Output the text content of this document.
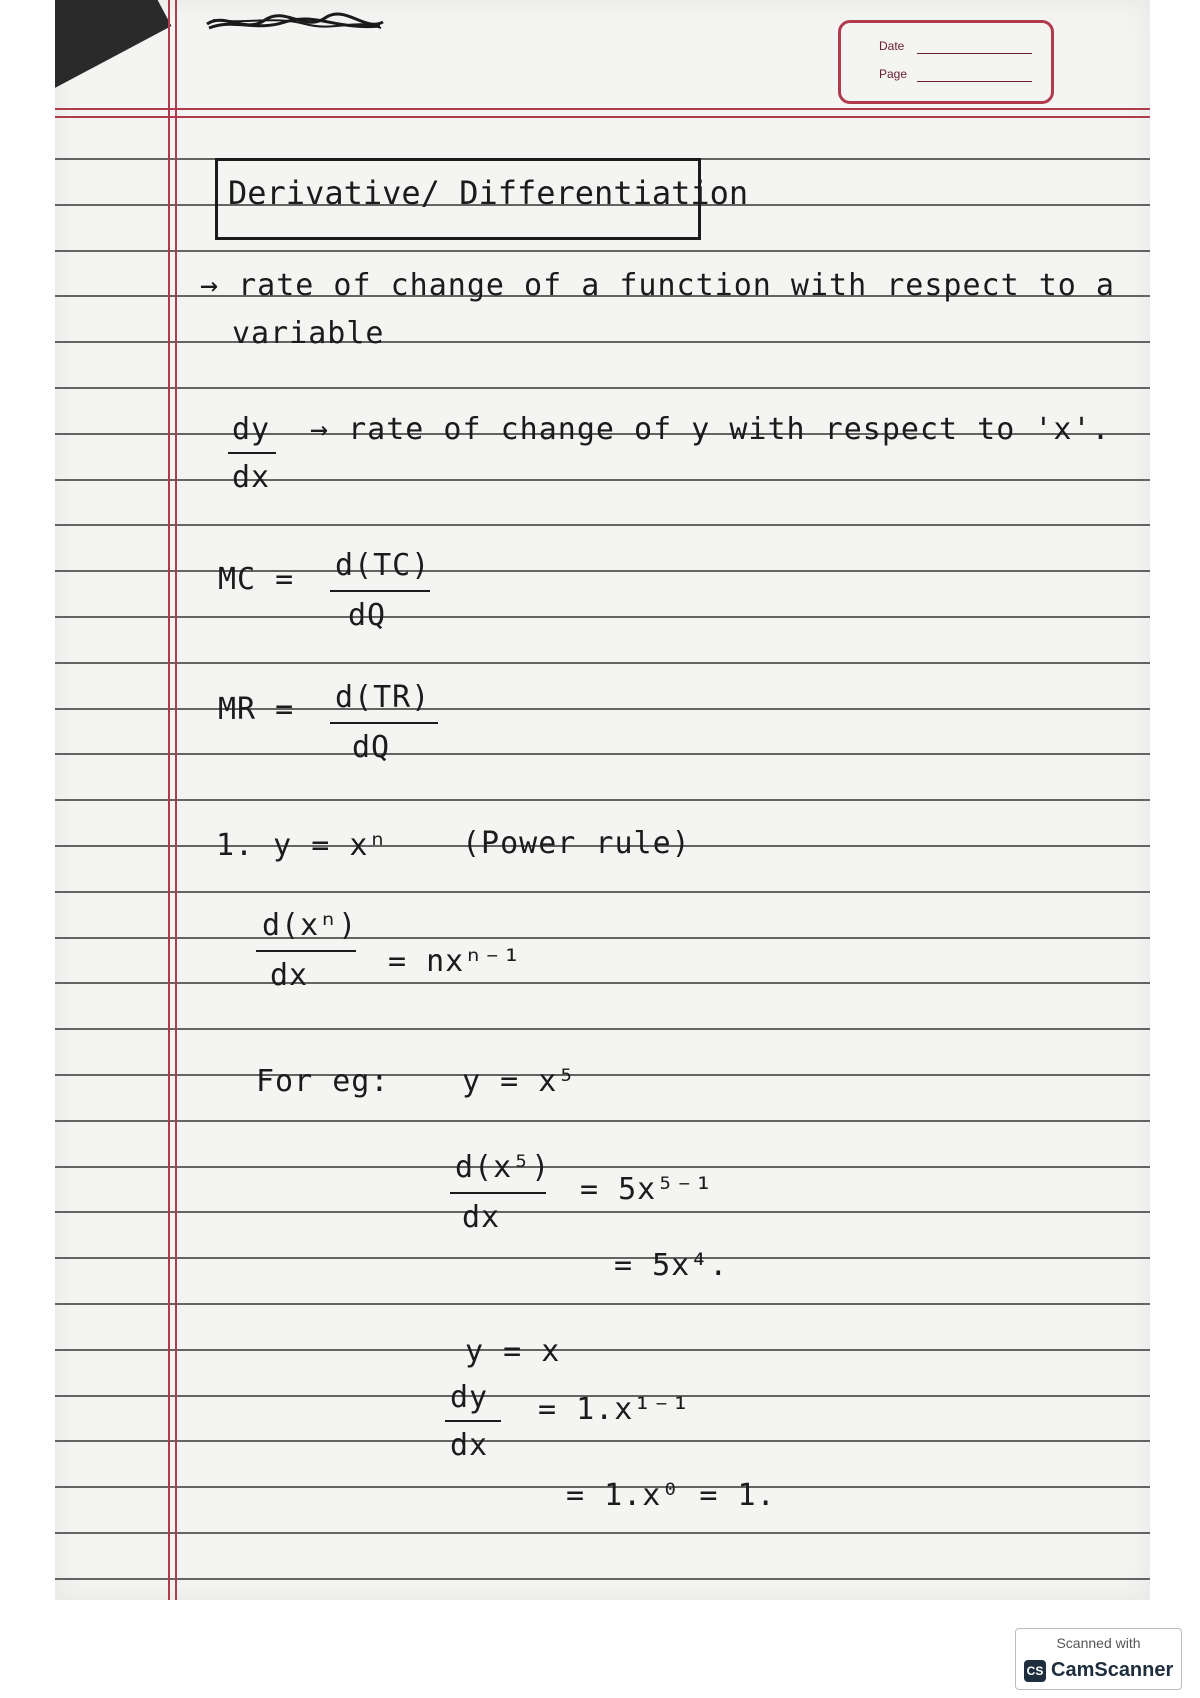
Date
Page
Derivative/ Differentiation
→ rate of change of a function with respect to a
variable
dy
dx
→ rate of change of y with respect to 'x'.
MC = d(TC)
dQ
MR = d(TR)
dQ
1. y = xⁿ (Power rule)
d(xⁿ)
dx	= nxⁿ⁻¹
For eg: y = x⁵
d(x⁵)
dx
= 5x⁵⁻¹
= 5x⁴.
y = x
dy
dx
= 1.x¹⁻¹
= 1.x⁰ = 1.
Scanned with
CS CamScanner
